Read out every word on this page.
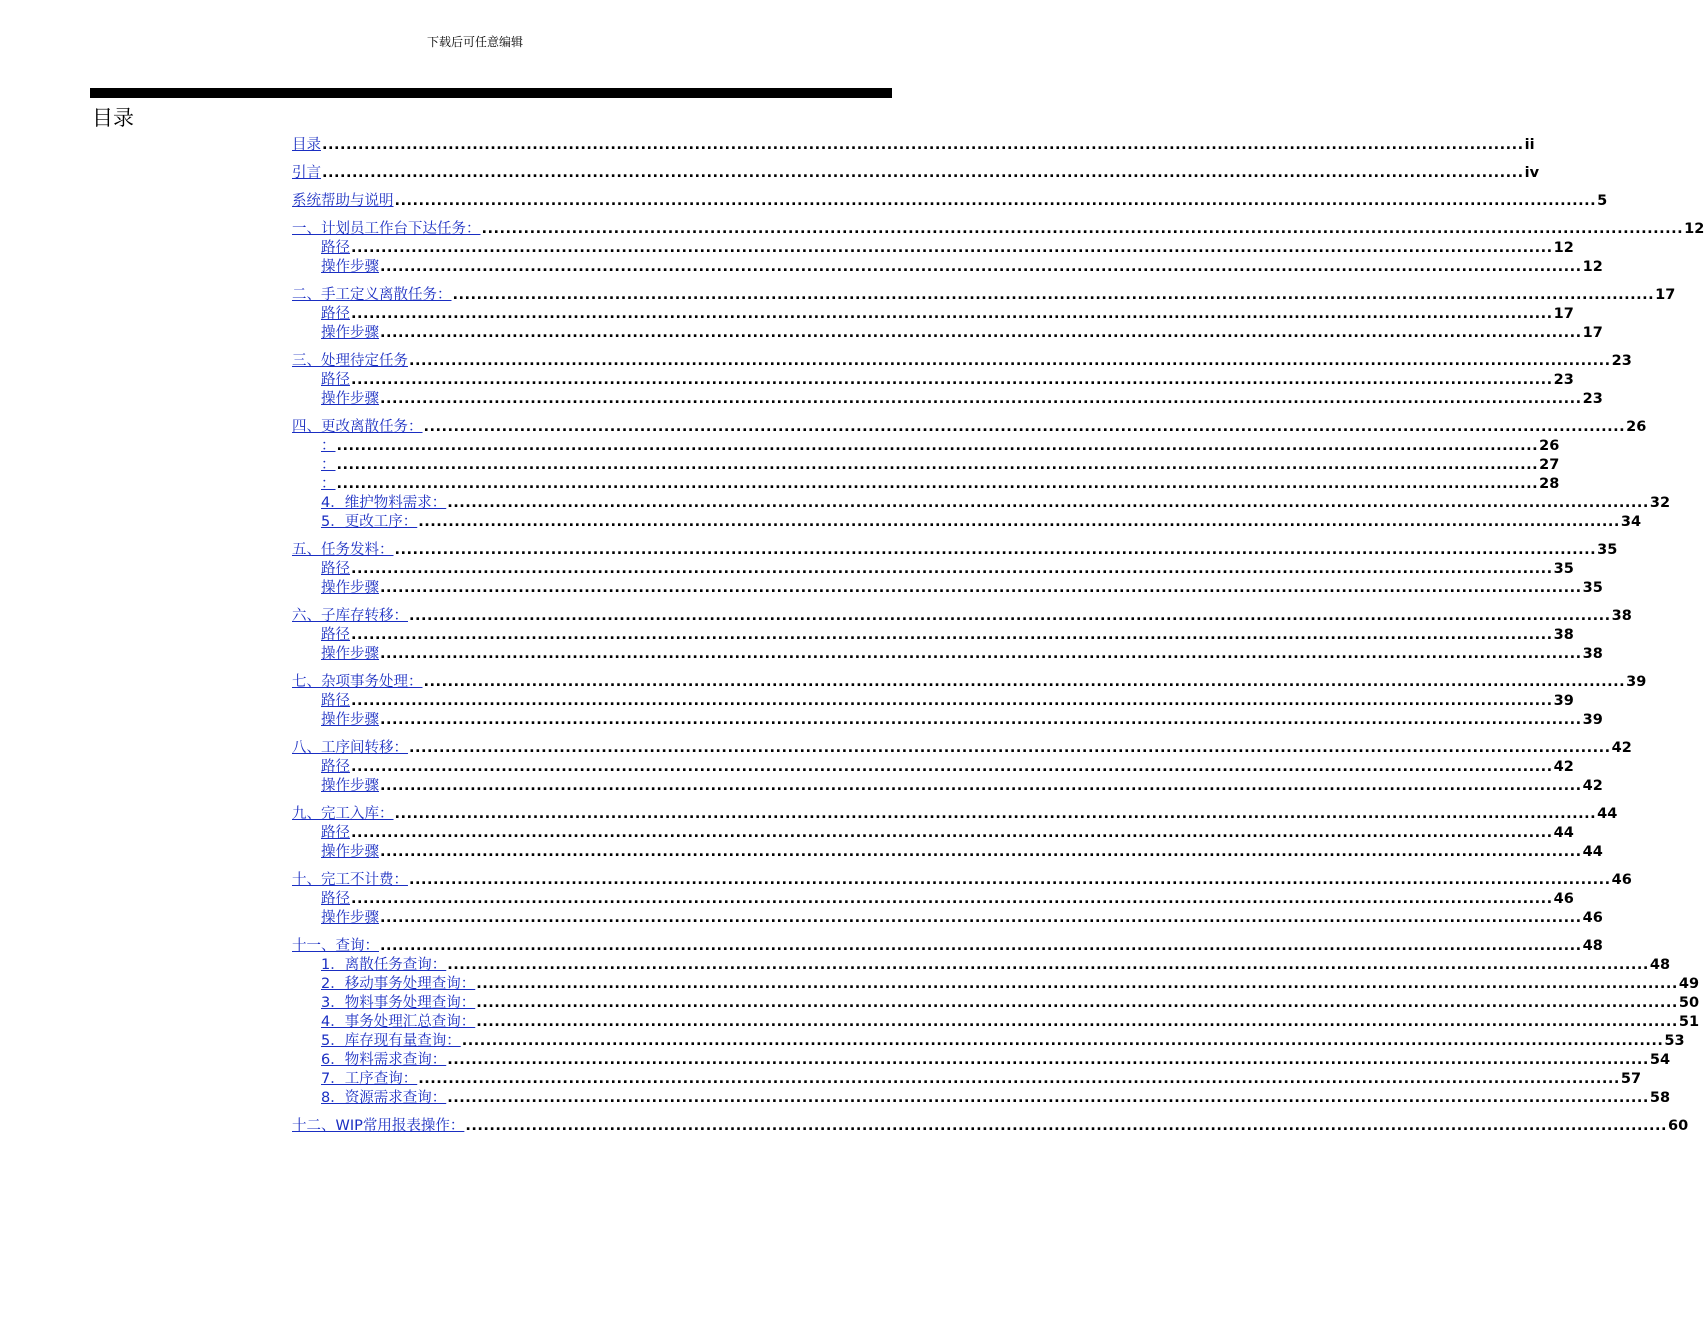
下载后可任意编辑
目录
目录 ........................................................................................................................................................................................................ ii
引言 ........................................................................................................................................................................................................ iv
系统帮助与说明 ........................................................................................................................................................................................................ 5
一、计划员工作台下达任务： ........................................................................................................................................................................................................ 12
路径 ........................................................................................................................................................................................................ 12
操作步骤 ........................................................................................................................................................................................................ 12
二、手工定义离散任务： ........................................................................................................................................................................................................ 17
路径 ........................................................................................................................................................................................................ 17
操作步骤 ........................................................................................................................................................................................................ 17
三、处理待定任务 ........................................................................................................................................................................................................ 23
路径 ........................................................................................................................................................................................................ 23
操作步骤 ........................................................................................................................................................................................................ 23
四、更改离散任务： ........................................................................................................................................................................................................ 26
： ........................................................................................................................................................................................................ 26
： ........................................................................................................................................................................................................ 27
： ........................................................................................................................................................................................................ 28
4．维护物料需求： ........................................................................................................................................................................................................ 32
5．更改工序： ........................................................................................................................................................................................................ 34
五、任务发料： ........................................................................................................................................................................................................ 35
路径 ........................................................................................................................................................................................................ 35
操作步骤 ........................................................................................................................................................................................................ 35
六、子库存转移： ........................................................................................................................................................................................................ 38
路径 ........................................................................................................................................................................................................ 38
操作步骤 ........................................................................................................................................................................................................ 38
七、杂项事务处理： ........................................................................................................................................................................................................ 39
路径 ........................................................................................................................................................................................................ 39
操作步骤 ........................................................................................................................................................................................................ 39
八、工序间转移： ........................................................................................................................................................................................................ 42
路径 ........................................................................................................................................................................................................ 42
操作步骤 ........................................................................................................................................................................................................ 42
九、完工入库： ........................................................................................................................................................................................................ 44
路径 ........................................................................................................................................................................................................ 44
操作步骤 ........................................................................................................................................................................................................ 44
十、完工不计费： ........................................................................................................................................................................................................ 46
路径 ........................................................................................................................................................................................................ 46
操作步骤 ........................................................................................................................................................................................................ 46
十一、查询： ........................................................................................................................................................................................................ 48
1．离散任务查询： ........................................................................................................................................................................................................ 48
2．移动事务处理查询： ........................................................................................................................................................................................................ 49
3．物料事务处理查询： ........................................................................................................................................................................................................ 50
4．事务处理汇总查询： ........................................................................................................................................................................................................ 51
5．库存现有量查询： ........................................................................................................................................................................................................ 53
6．物料需求查询： ........................................................................................................................................................................................................ 54
7．工序查询： ........................................................................................................................................................................................................ 57
8．资源需求查询： ........................................................................................................................................................................................................ 58
十二、WIP常用报表操作： ........................................................................................................................................................................................................ 60
